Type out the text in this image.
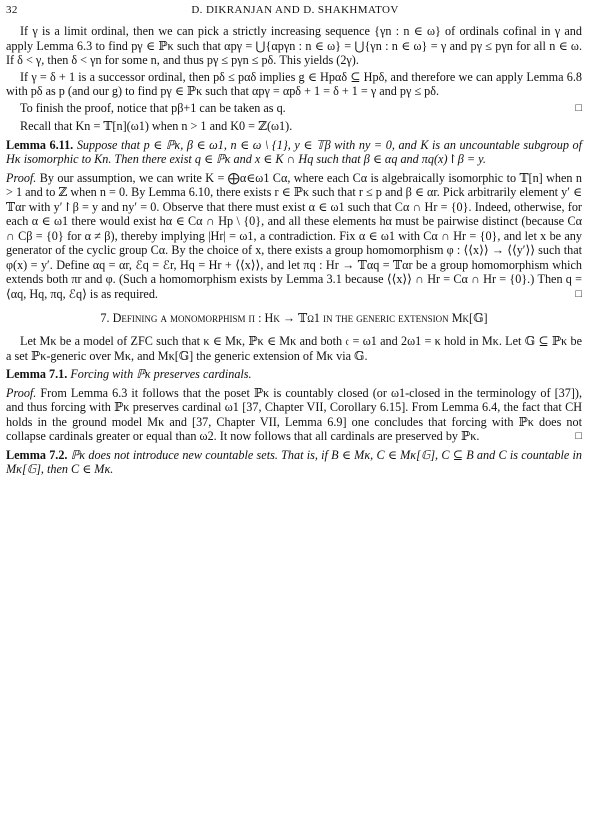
32	D. DIKRANJAN AND D. SHAKHMATOV

If γ is a limit ordinal, then we can pick a strictly increasing sequence {γn : n ∈ ω} of ordinals cofinal in γ and apply Lemma 6.3 to find pγ ∈ ℙκ such that αpγ = ⋃{αpγn : n ∈ ω} = ⋃{γn : n ∈ ω} = γ and pγ ≤ pγn for all n ∈ ω. If δ < γ, then δ < γn for some n, and thus pγ ≤ pγn ≤ pδ. This yields (2γ).

If γ = δ + 1 is a successor ordinal, then pδ ≤ pαδ implies g ∈ Hpαδ ⊆ Hpδ, and therefore we can apply Lemma 6.8 with pδ as p (and our g) to find pγ ∈ ℙκ such that αpγ = αpδ + 1 = δ + 1 = γ and pγ ≤ pδ.

To finish the proof, notice that pβ+1 can be taken as q.	□

Recall that Kn = 𝕋[n](ω1) when n > 1 and K0 = ℤ(ω1).

Lemma 6.11. Suppose that p ∈ ℙκ, β ∈ ω1, n ∈ ω \ {1}, y ∈ 𝕋β with ny = 0, and K is an uncountable subgroup of Hκ isomorphic to Kn. Then there exist q ∈ ℙκ and x ∈ K ∩ Hq such that β ∈ αq and πq(x)↾β = y.

Proof. By our assumption, we can write K = ⨁α∈ω1 Cα, where each Cα is algebraically isomorphic to 𝕋[n] when n > 1 and to ℤ when n = 0. By Lemma 6.10, there exists r ∈ ℙκ such that r ≤ p and β ∈ αr. Pick arbitrarily element y′ ∈ 𝕋αr with y′↾β = y and ny′ = 0. Observe that there must exist α ∈ ω1 such that Cα ∩ Hr = {0}. Indeed, otherwise, for each α ∈ ω1 there would exist hα ∈ Cα ∩ Hp \ {0}, and all these elements hα must be pairwise distinct (because Cα ∩ Cβ = {0} for α ≠ β), thereby implying |Hr| = ω1, a contradiction. Fix α ∈ ω1 with Cα ∩ Hr = {0}, and let x be any generator of the cyclic group Cα. By the choice of x, there exists a group homomorphism φ : ⟨⟨x⟩⟩ → ⟨⟨y′⟩⟩ such that φ(x) = y′. Define αq = αr, ℰq = ℰr, Hq = Hr + ⟨⟨x⟩⟩, and let πq : Hr → 𝕋αq = 𝕋αr be a group homomorphism which extends both πr and φ. (Such a homomorphism exists by Lemma 3.1 because ⟨⟨x⟩⟩ ∩ Hr = Cα ∩ Hr = {0}.) Then q = ⟨αq, Hq, πq, ℰq⟩ is as required.	□

7. Defining a monomorphism π : Hκ → 𝕋ω1 in the generic extension Mκ[𝔾]

Let Mκ be a model of ZFC such that κ ∈ Mκ, ℙκ ∈ Mκ and both 𝔠 = ω1 and 2ω1 = κ hold in Mκ. Let 𝔾 ⊆ ℙκ be a set ℙκ-generic over Mκ, and Mκ[𝔾] the generic extension of Mκ via 𝔾.

Lemma 7.1. Forcing with ℙκ preserves cardinals.

Proof. From Lemma 6.3 it follows that the poset ℙκ is countably closed (or ω1-closed in the terminology of [37]), and thus forcing with ℙκ preserves cardinal ω1 [37, Chapter VII, Corollary 6.15]. From Lemma 6.4, the fact that CH holds in the ground model Mκ and [37, Chapter VII, Lemma 6.9] one concludes that forcing with ℙκ does not collapse cardinals greater or equal than ω2. It now follows that all cardinals are preserved by ℙκ.	□

Lemma 7.2. ℙκ does not introduce new countable sets. That is, if B ∈ Mκ, C ∈ Mκ[𝔾], C ⊆ B and C is countable in Mκ[𝔾], then C ∈ Mκ.
